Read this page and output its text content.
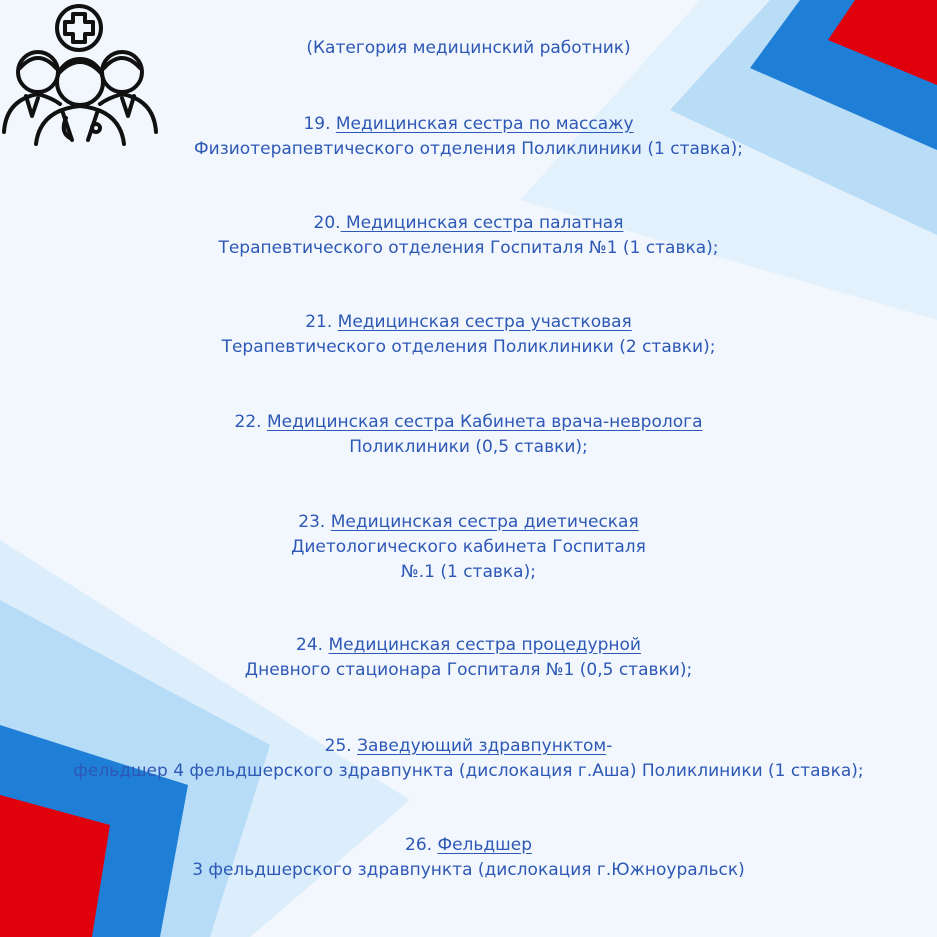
(Категория медицинский работник)

19. Медицинская сестра по массажу

Физиотерапевтического отделения Поликлиники (1 ставка);

20. Медицинская сестра палатная

Терапевтического отделения Госпиталя №1 (1 ставка);

21. Медицинская сестра участковая

Терапевтического отделения Поликлиники (2 ставки);

22. Медицинская сестра Кабинета врача-невролога

Поликлиники (0,5 ставки);

23. Медицинская сестра диетическая

Диетологического кабинета Госпиталя

№.1 (1 ставка);

24. Медицинская сестра процедурной

Дневного стационара Госпиталя №1 (0,5 ставки);

25. Заведующий здравпунктом-

фельдшер 4 фельдшерского здравпункта (дислокация г.Аша) Поликлиники (1 ставка);

26. Фельдшер

3 фельдшерского здравпункта (дислокация г.Южноуральск)
